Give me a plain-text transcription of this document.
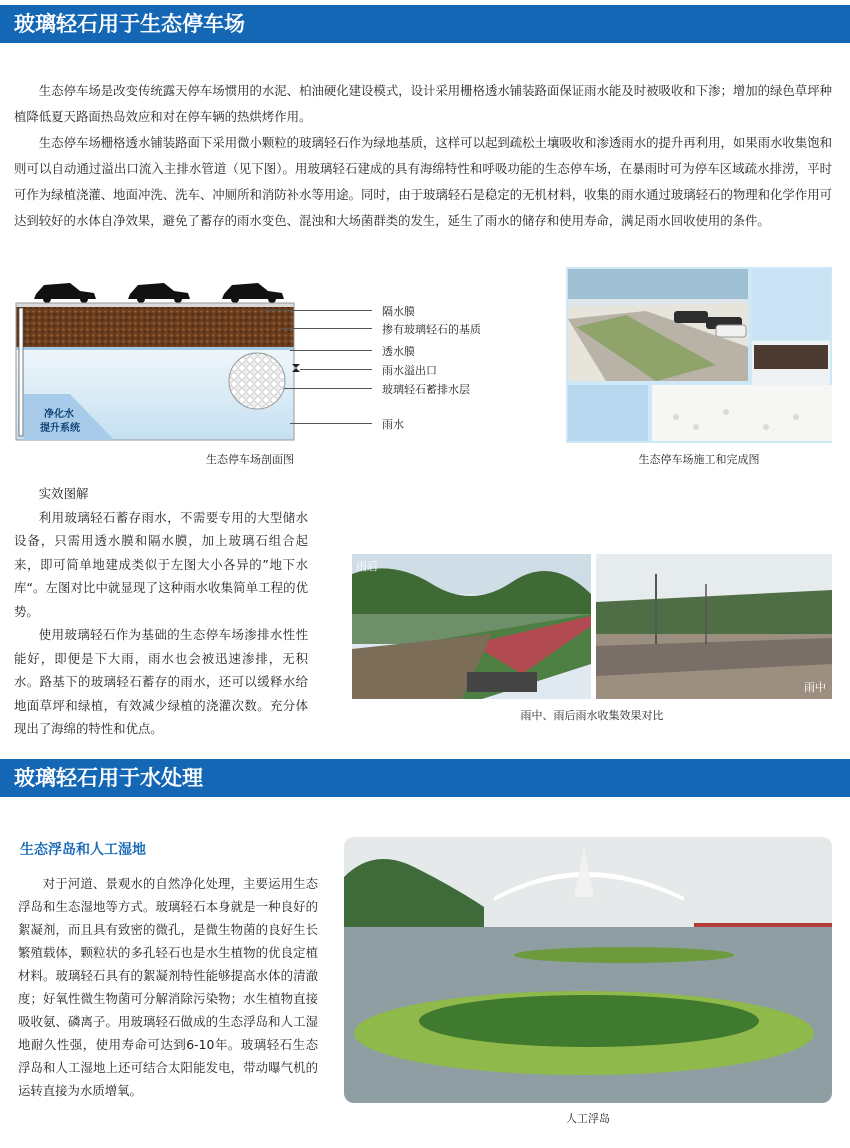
玻璃轻石用于生态停车场

生态停车场是改变传统露天停车场惯用的水泥、柏油硬化建设模式，设计采用栅格透水铺装路面保证雨水能及时被吸收和下渗；增加的绿色草坪种植降低夏天路面热岛效应和对在停车辆的热烘烤作用。

生态停车场栅格透水铺装路面下采用微小颗粒的玻璃轻石作为绿地基质，这样可以起到疏松土壤吸收和渗透雨水的提升再利用，如果雨水收集饱和则可以自动通过溢出口流入主排水管道（见下图）。用玻璃轻石建成的具有海绵特性和呼吸功能的生态停车场，在暴雨时可为停车区域疏水排涝，平时可作为绿植浇灌、地面冲洗、洗车、冲厕所和消防补水等用途。同时，由于玻璃轻石是稳定的无机材料，收集的雨水通过玻璃轻石的物理和化学作用可达到较好的水体自净效果，避免了蓄存的雨水变色、混浊和大场菌群类的发生，延生了雨水的储存和使用寿命，满足雨水回收使用的条件。

净化水
提升系统
隔水膜
掺有玻璃轻石的基质
透水膜
雨水溢出口
玻璃轻石蓄排水层
雨水
生态停车场剖面图	生态停车场施工和完成图

实效图解

利用玻璃轻石蓄存雨水，不需要专用的大型储水设备，只需用透水膜和隔水膜，加上玻璃石组合起来，即可简单地建成类似于左图大小各异的”地下水库“。左图对比中就显现了这种雨水收集简单工程的优势。

使用玻璃轻石作为基础的生态停车场渗排水性性能好，即便是下大雨，雨水也会被迅速渗排，无积水。路基下的玻璃轻石蓄存的雨水，还可以缓释水给地面草坪和绿植，有效减少绿植的浇灌次数。充分体现出了海绵的特性和优点。

雨后
雨中
雨中、雨后雨水收集效果对比
玻璃轻石用于水处理
生态浮岛和人工湿地

对于河道、景观水的自然净化处理，主要运用生态浮岛和生态湿地等方式。玻璃轻石本身就是一种良好的絮凝剂，而且具有致密的微孔，是微生物菌的良好生长繁殖载体，颗粒状的多孔轻石也是水生植物的优良定植材料。玻璃轻石具有的絮凝剂特性能够提高水体的清澈度；好氧性微生物菌可分解消除污染物；水生植物直接吸收氨、磷离子。用玻璃轻石做成的生态浮岛和人工湿地耐久性强，使用寿命可达到6-10年。玻璃轻石生态浮岛和人工湿地上还可结合太阳能发电，带动曝气机的运转直接为水质增氧。

人工浮岛
